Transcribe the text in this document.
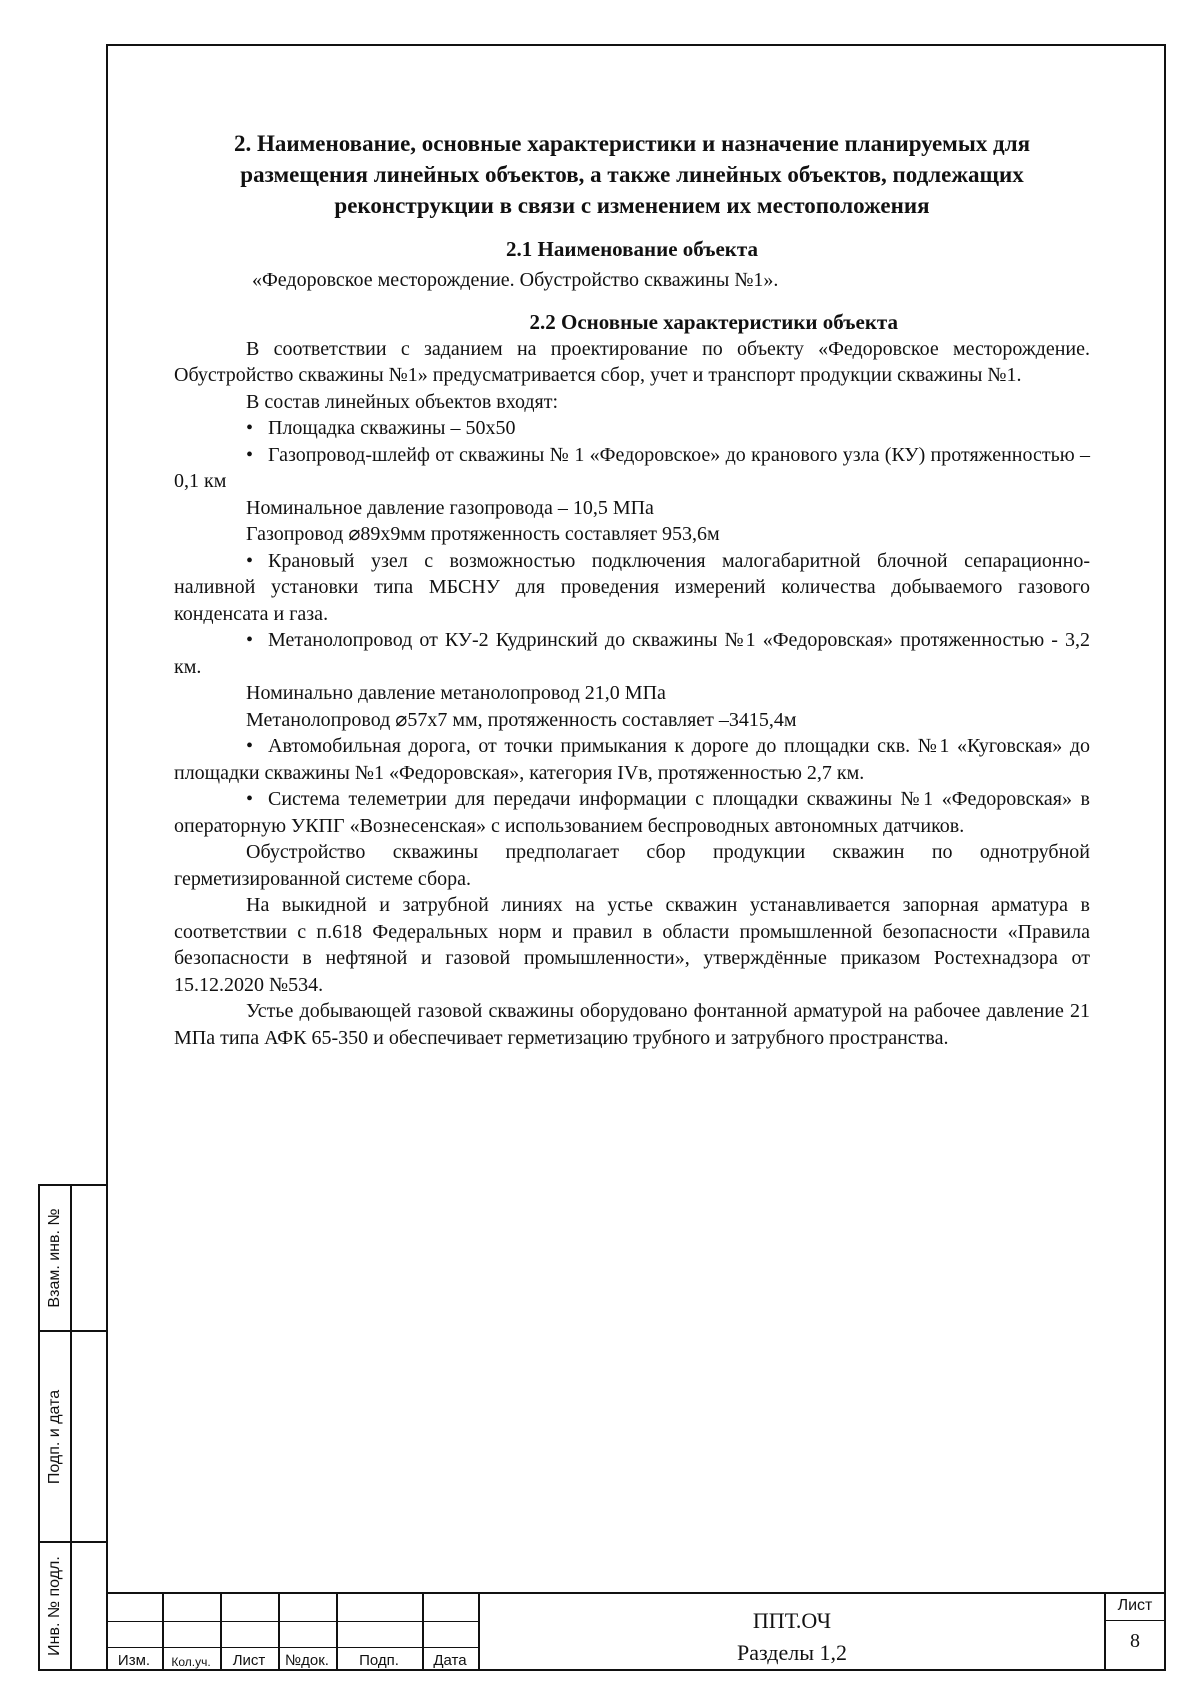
2. Наименование, основные характеристики и назначение планируемых для размещения линейных объектов, а также линейных объектов, подлежащих реконструкции в связи с изменением их местоположения
2.1 Наименование объекта

«Федоровское месторождение. Обустройство скважины №1».

2.2 Основные характеристики объекта

В соответствии с заданием на проектирование по объекту «Федоровское месторождение. Обустройство скважины №1» предусматривается сбор, учет и транспорт продукции скважины №1.

В состав линейных объектов входят:

• Площадка скважины – 50х50

• Газопровод-шлейф от скважины № 1 «Федоровское» до кранового узла (КУ) протяженностью – 0,1 км

Номинальное давление газопровода – 10,5 МПа

Газопровод ⌀89х9мм протяженность составляет 953,6м

• Крановый узел с возможностью подключения малогабаритной блочной сепарационно-наливной установки типа МБСНУ для проведения измерений количества добываемого газового конденсата и газа.

• Метанолопровод от КУ-2 Кудринский до скважины №1 «Федоровская» протяженностью - 3,2 км.

Номинально давление метанолопровод 21,0 МПа

Метанолопровод ⌀57х7 мм, протяженность составляет –3415,4м

• Автомобильная дорога, от точки примыкания к дороге до площадки скв. №1 «Куговская» до площадки скважины №1 «Федоровская», категория IVв, протяженностью 2,7 км.

• Система телеметрии для передачи информации с площадки скважины №1 «Федоровская» в операторную УКПГ «Вознесенская» с использованием беспроводных автономных датчиков.

Обустройство скважины предполагает сбор продукции скважин по однотрубной герметизированной системе сбора.

На выкидной и затрубной линиях на устье скважин устанавливается запорная арматура в соответствии с п.618 Федеральных норм и правил в области промышленной безопасности «Правила безопасности в нефтяной и газовой промышленности», утверждённые приказом Ростехнадзора от 15.12.2020 №534.

Устье добывающей газовой скважины оборудовано фонтанной арматурой на рабочее давление 21 МПа типа АФК 65-350 и обеспечивает герметизацию трубного и затрубного пространства.

Взам. инв. №
Подп. и дата
Инв. № подл.
Изм.	Кол.уч.	Лист	№док.	Подп.	Дата
ППТ.ОЧ
Разделы 1,2
Лист
8
